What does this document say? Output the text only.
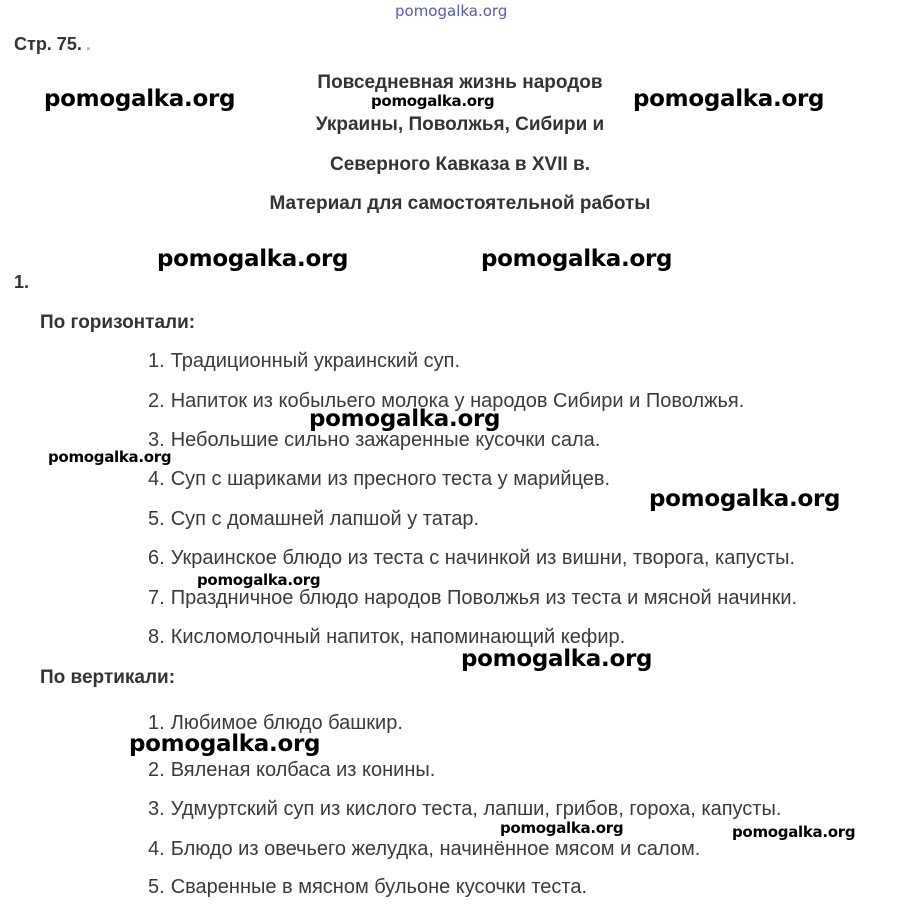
Стр. 75. .
Повседневная жизнь народов
Украины, Поволжья, Сибири и
Северного Кавказа в XVII в.
Материал для самостоятельной работы
1.
По горизонтали:
1. Традиционный украинский суп.
2. Напиток из кобыльего молока у народов Сибири и Поволжья.
3. Небольшие сильно зажаренные кусочки сала.
4. Суп с шариками из пресного теста у марийцев.
5. Суп с домашней лапшой у татар.
6. Украинское блюдо из теста с начинкой из вишни, творога, капусты.
7. Праздничное блюдо народов Поволжья из теста и мясной начинки.
8. Кисломолочный напиток, напоминающий кефир.
По вертикали:
1. Любимое блюдо башкир.
2. Вяленая колбаса из конины.
3. Удмуртский суп из кислого теста, лапши, грибов, гороха, капусты.
4. Блюдо из овечьего желудка, начинённое мясом и салом.
5. Сваренные в мясном бульоне кусочки теста.
pomogalka.org
pomogalka.org	pomogalka.org	pomogalka.org
pomogalka.org	pomogalka.org
pomogalka.org
pomogalka.org
pomogalka.org
pomogalka.org
pomogalka.org
pomogalka.org
pomogalka.org	pomogalka.org
